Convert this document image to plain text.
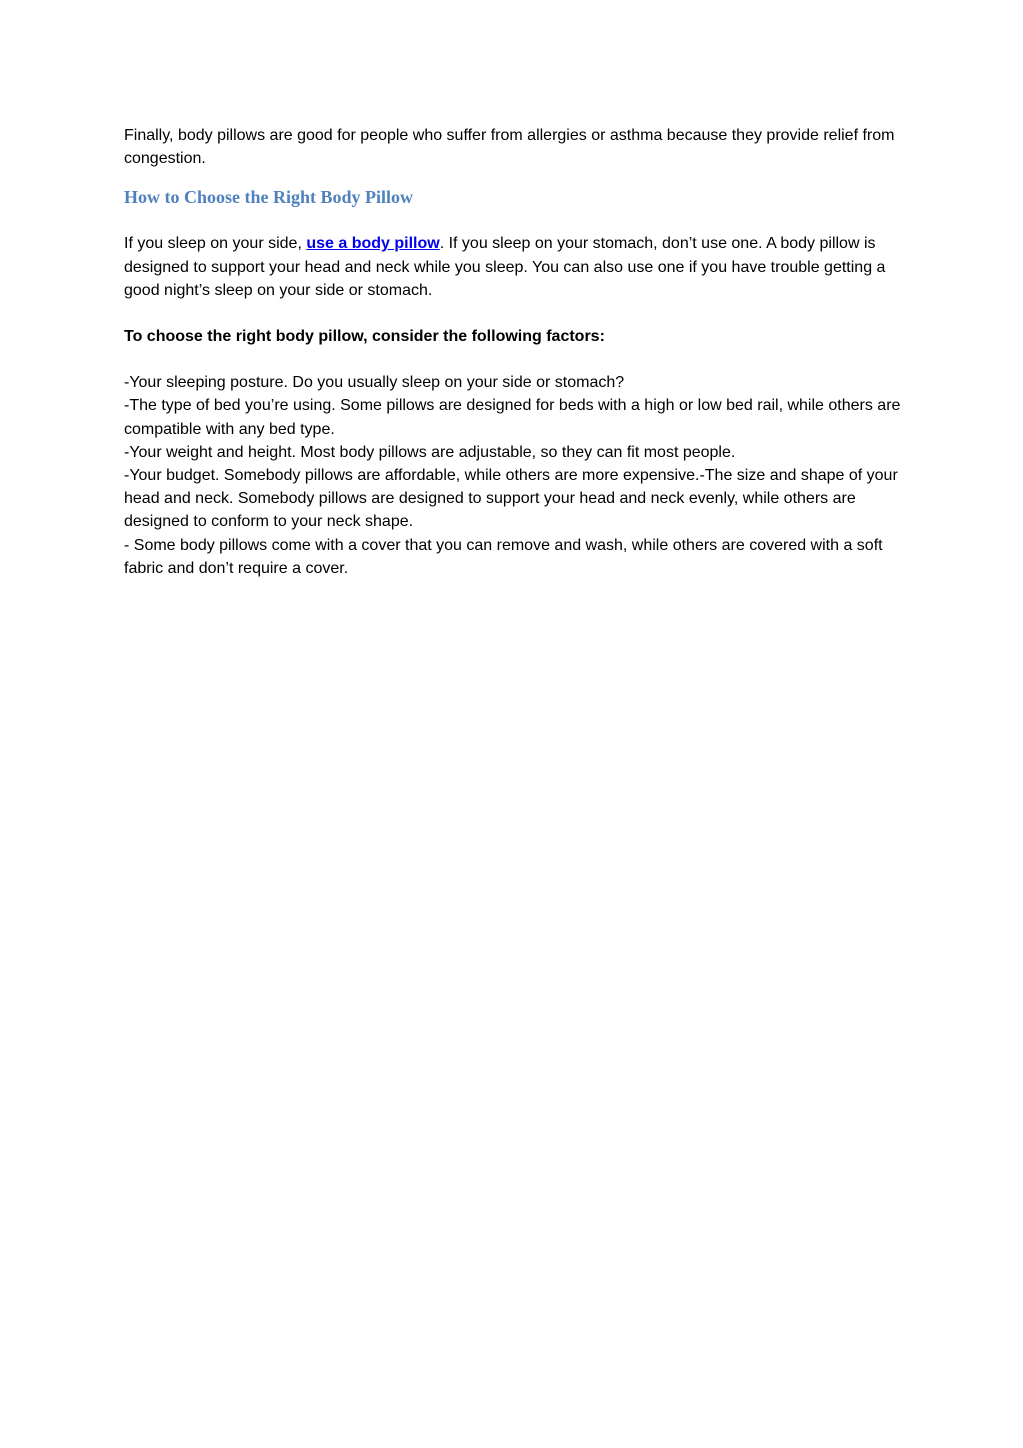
Finally, body pillows are good for people who suffer from allergies or asthma because they provide relief from congestion.

How to Choose the Right Body Pillow

If you sleep on your side, use a body pillow. If you sleep on your stomach, don’t use one. A body pillow is designed to support your head and neck while you sleep. You can also use one if you have trouble getting a good night’s sleep on your side or stomach.

To choose the right body pillow, consider the following factors:

-Your sleeping posture. Do you usually sleep on your side or stomach?

-The type of bed you’re using. Some pillows are designed for beds with a high or low bed rail, while others are compatible with any bed type.

-Your weight and height. Most body pillows are adjustable, so they can fit most people.

-Your budget. Somebody pillows are affordable, while others are more expensive.-The size and shape of your head and neck. Somebody pillows are designed to support your head and neck evenly, while others are designed to conform to your neck shape.

- Some body pillows come with a cover that you can remove and wash, while others are covered with a soft fabric and don’t require a cover.
